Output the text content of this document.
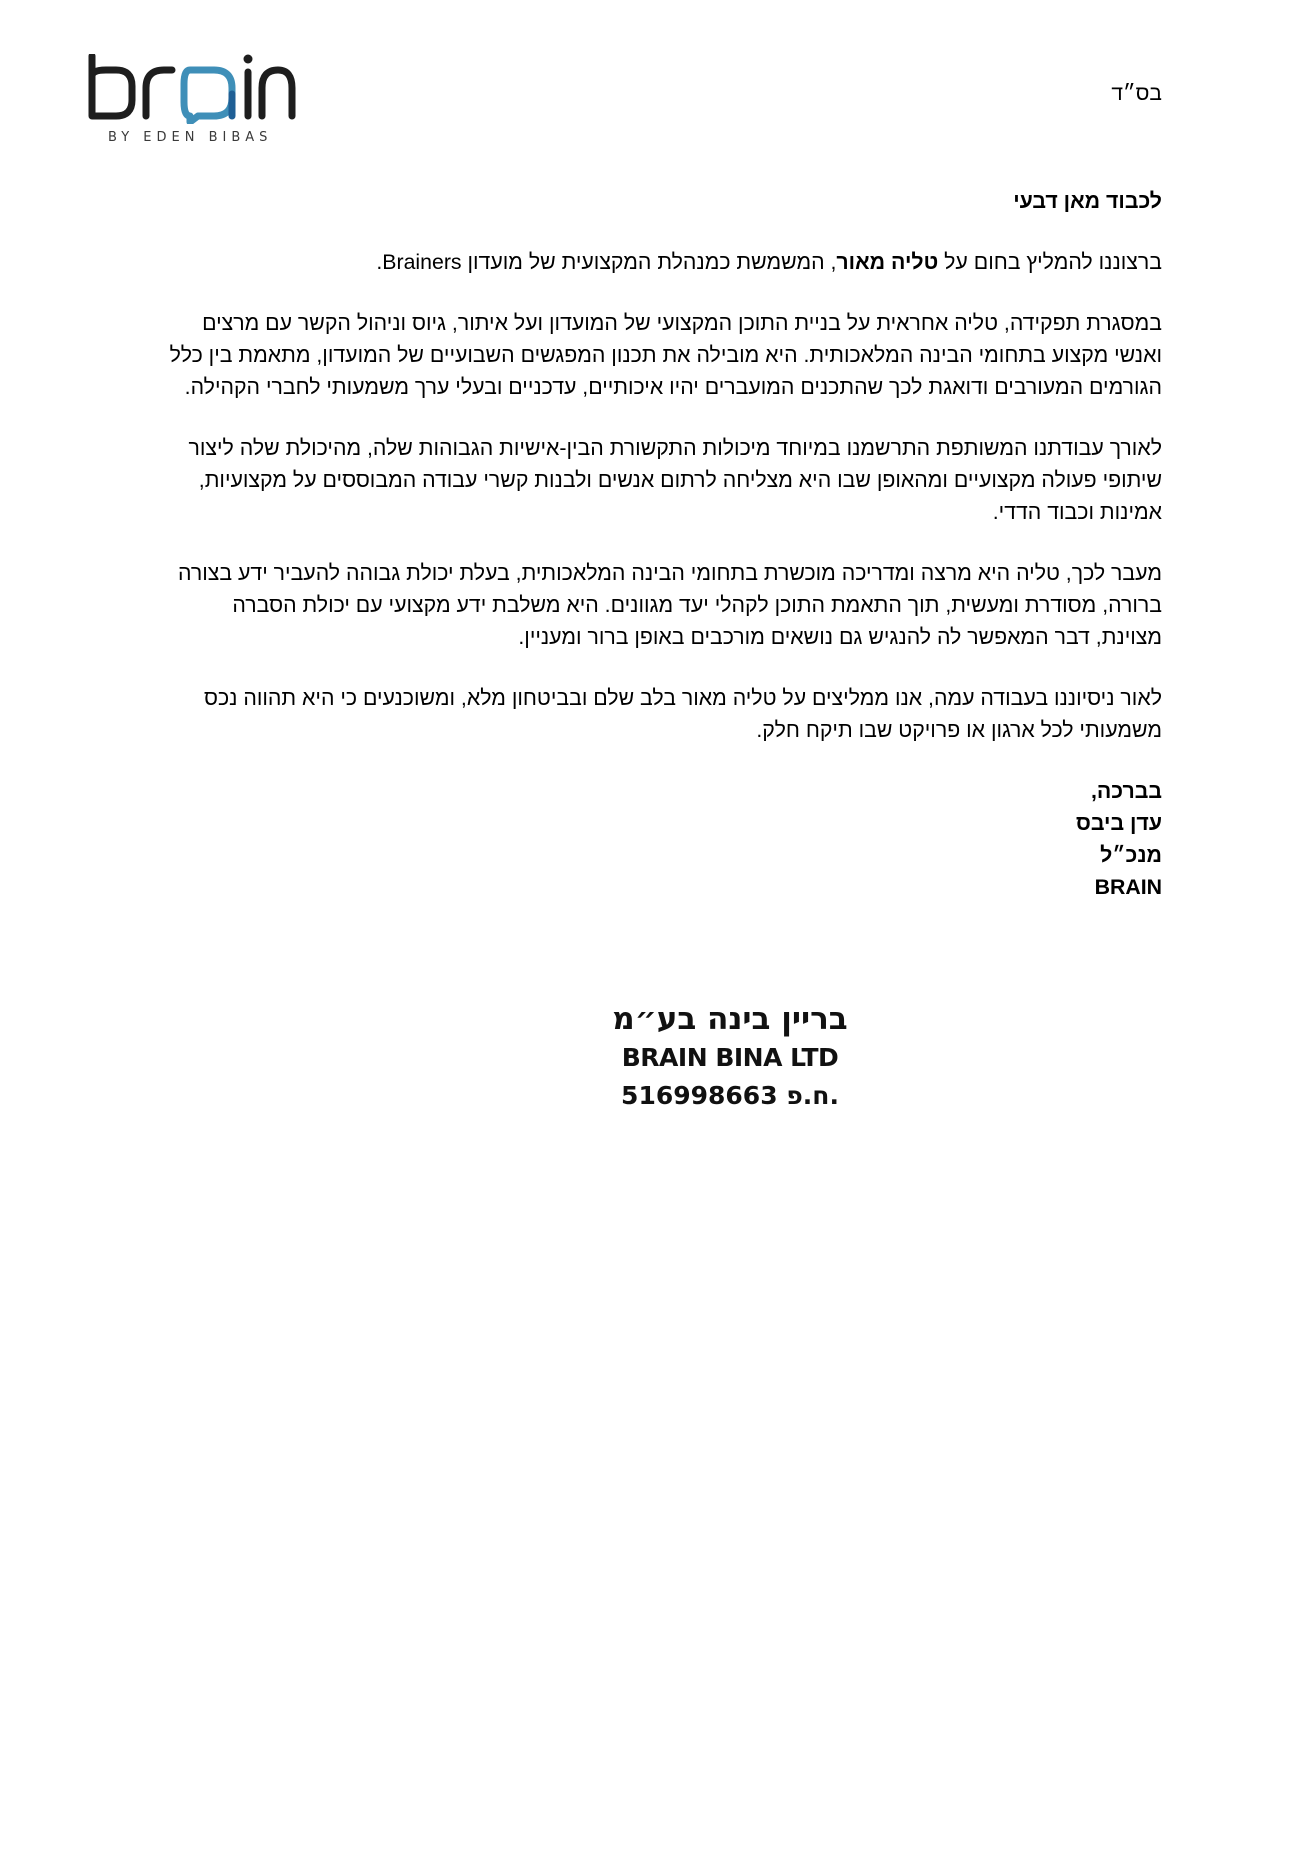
BY EDEN BIBAS
בס״ד

לכבוד מאן דבעי

ברצוננו להמליץ בחום על טליה מאור, המשמשת כמנהלת המקצועית של מועדון Brainers.

במסגרת תפקידה, טליה אחראית על בניית התוכן המקצועי של המועדון ועל איתור, גיוס וניהול הקשר עם מרצים ואנשי מקצוע בתחומי הבינה המלאכותית. היא מובילה את תכנון המפגשים השבועיים של המועדון, מתאמת בין כלל הגורמים המעורבים ודואגת לכך שהתכנים המועברים יהיו איכותיים, עדכניים ובעלי ערך משמעותי לחברי הקהילה.

לאורך עבודתנו המשותפת התרשמנו במיוחד מיכולות התקשורת הבין-אישיות הגבוהות שלה, מהיכולת שלה ליצור שיתופי פעולה מקצועיים ומהאופן שבו היא מצליחה לרתום אנשים ולבנות קשרי עבודה המבוססים על מקצועיות, אמינות וכבוד הדדי.

מעבר לכך, טליה היא מרצה ומדריכה מוכשרת בתחומי הבינה המלאכותית, בעלת יכולת גבוהה להעביר ידע בצורה ברורה, מסודרת ומעשית, תוך התאמת התוכן לקהלי יעד מגוונים. היא משלבת ידע מקצועי עם יכולת הסברה מצוינת, דבר המאפשר לה להנגיש גם נושאים מורכבים באופן ברור ומעניין.

לאור ניסיוננו בעבודה עמה, אנו ממליצים על טליה מאור בלב שלם ובביטחון מלא, ומשוכנעים כי היא תהווה נכס משמעותי לכל ארגון או פרויקט שבו תיקח חלק.

בברכה,
עדן ביבס
מנכ״ל
BRAIN
בריין בינה בע״מ
BRAIN BINA LTD
516998663 ח.פ.
